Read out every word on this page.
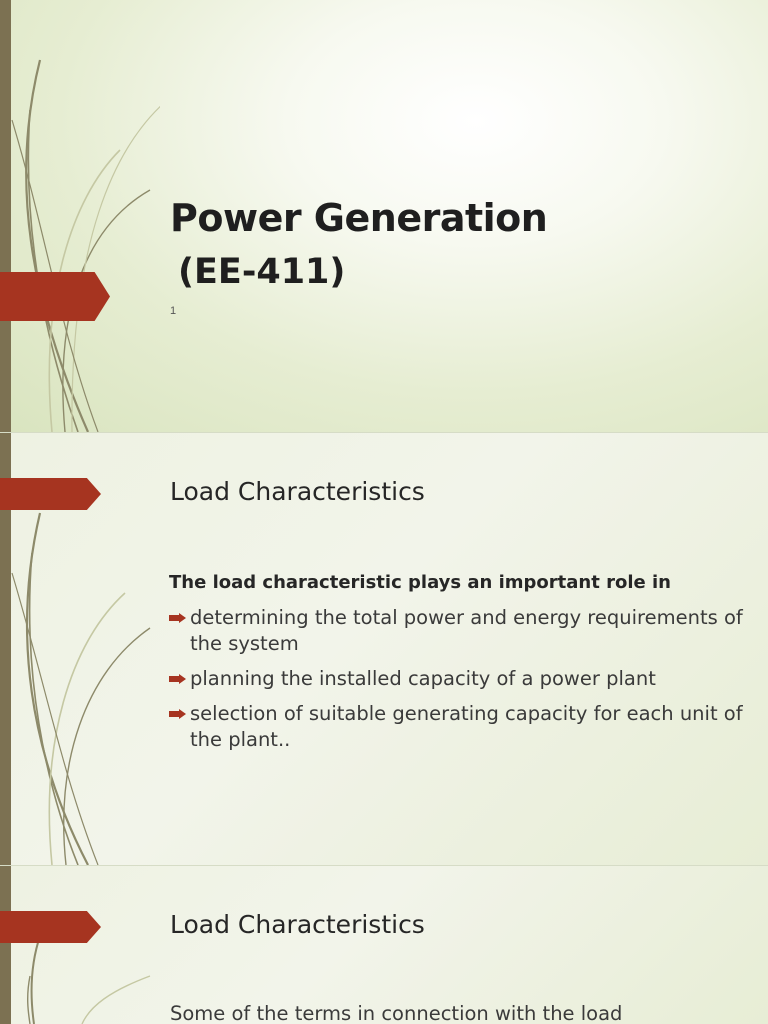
Power Generation
(EE-411)
1
Load Characteristics

The load characteristic plays an important role in

determining the total power and energy requirements of the system
planning the installed capacity of a power plant
selection of suitable generating capacity for each unit of the plant..
Load Characteristics

Some of the terms in connection with the load
